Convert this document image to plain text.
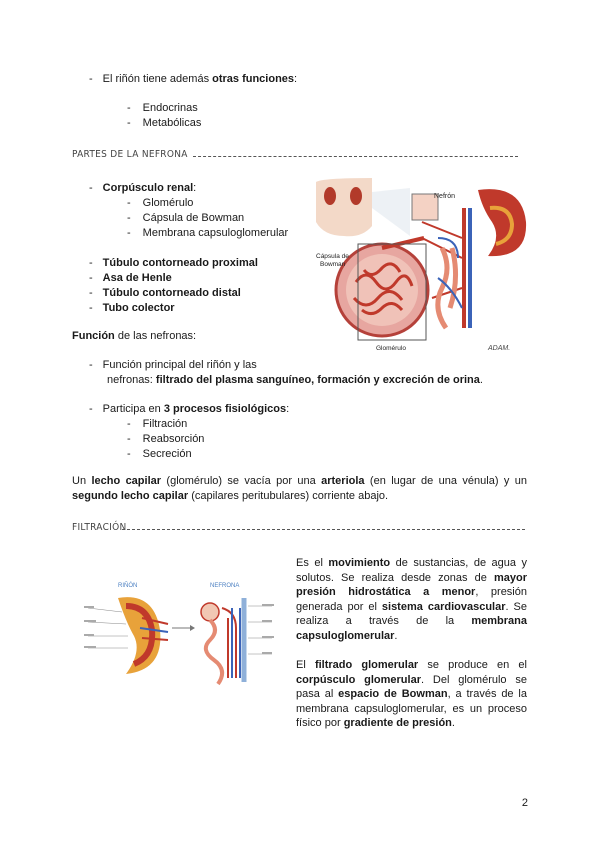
- El riñón tiene además otras funciones:
- Endocrinas
- Metabólicas
PARTES DE LA NEFRONA
- Corpúsculo renal:
- Glomérulo
- Cápsula de Bowman
- Membrana capsuloglomerular
- Túbulo contorneado proximal
- Asa de Henle
- Túbulo contorneado distal
- Tubo colector
Función de las nefronas:
- Función principal del riñón y las
nefronas: filtrado del plasma sanguíneo, formación y excreción de orina.
- Participa en 3 procesos fisiológicos:
- Filtración
- Reabsorción
- Secreción
Un lecho capilar (glomérulo) se vacía por una arteriola (en lugar de una vénula) y un segundo lecho capilar (capilares peritubulares) corriente abajo.
Nefrón
Cápsula de
Bowman
Glomérulo	ADAM.
FILTRACIÓN
Es el movimiento de sustancias, de agua y solutos. Se realiza desde zonas de mayor presión hidrostática a menor, presión generada por el sistema cardiovascular. Se realiza a través de la membrana capsuloglomerular.
El filtrado glomerular se produce en el corpúsculo glomerular. Del glomérulo se pasa al espacio de Bowman, a través de la membrana capsuloglomerular, es un proceso físico por gradiente de presión.
RIÑÓN	NEFRONA
2
